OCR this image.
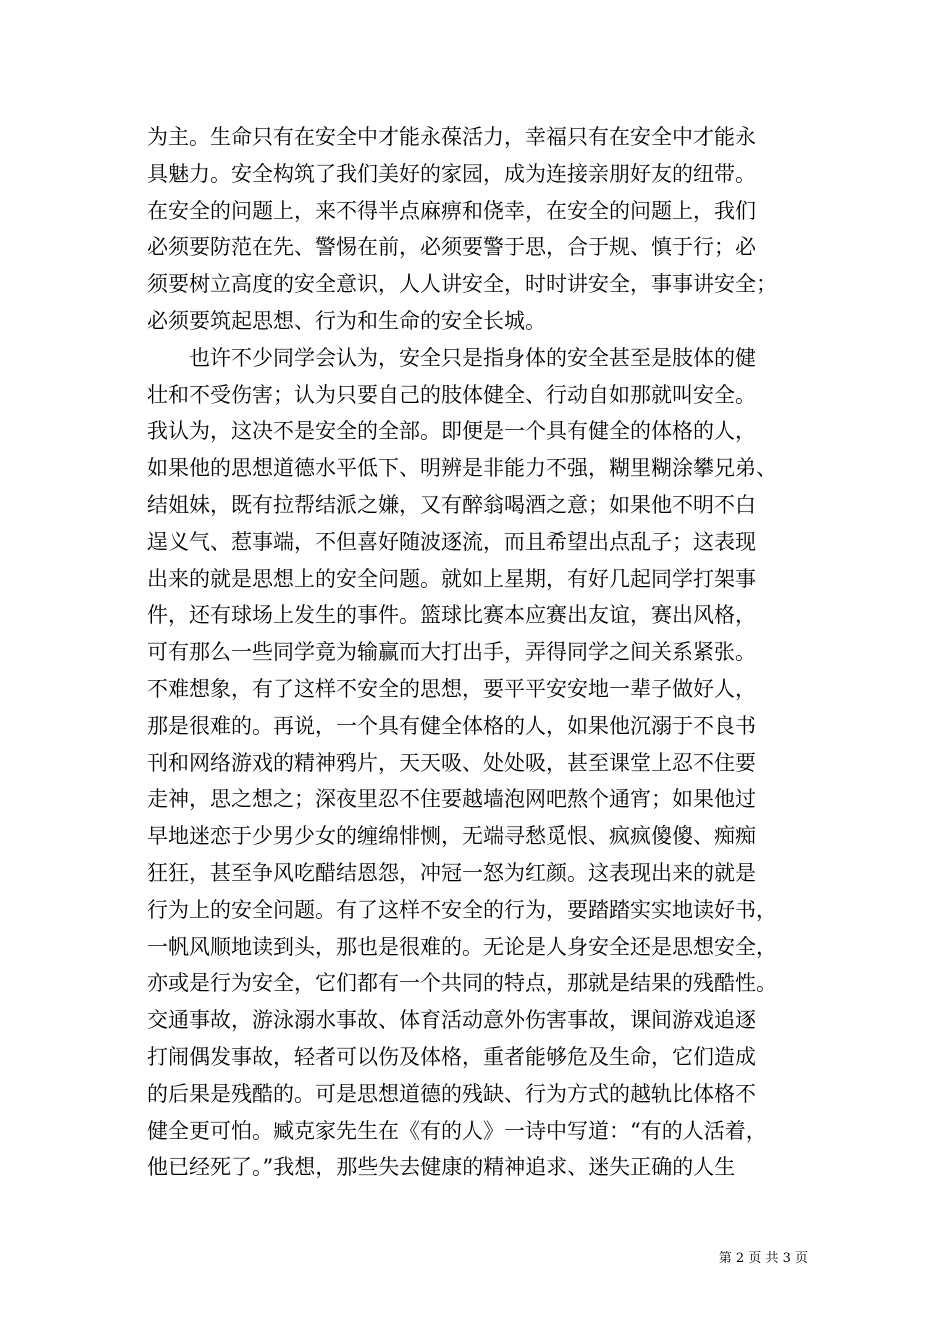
为主。生命只有在安全中才能永葆活力，幸福只有在安全中才能永
具魅力。安全构筑了我们美好的家园，成为连接亲朋好友的纽带。
在安全的问题上，来不得半点麻痹和侥幸，在安全的问题上，我们
必须要防范在先、警惕在前，必须要警于思，合于规、慎于行；必
须要树立高度的安全意识，人人讲安全，时时讲安全，事事讲安全；
必须要筑起思想、行为和生命的安全长城。
也许不少同学会认为，安全只是指身体的安全甚至是肢体的健
壮和不受伤害；认为只要自己的肢体健全、行动自如那就叫安全。
我认为，这决不是安全的全部。即便是一个具有健全的体格的人，
如果他的思想道德水平低下、明辨是非能力不强，糊里糊涂攀兄弟、
结姐妹，既有拉帮结派之嫌，又有醉翁喝酒之意；如果他不明不白
逞义气、惹事端，不但喜好随波逐流，而且希望出点乱子；这表现
出来的就是思想上的安全问题。就如上星期，有好几起同学打架事
件，还有球场上发生的事件。篮球比赛本应赛出友谊，赛出风格，
可有那么一些同学竟为输赢而大打出手，弄得同学之间关系紧张。
不难想象，有了这样不安全的思想，要平平安安地一辈子做好人，
那是很难的。再说，一个具有健全体格的人，如果他沉溺于不良书
刊和网络游戏的精神鸦片，天天吸、处处吸，甚至课堂上忍不住要
走神，思之想之；深夜里忍不住要越墙泡网吧熬个通宵；如果他过
早地迷恋于少男少女的缠绵悱恻，无端寻愁觅恨、疯疯傻傻、痴痴
狂狂，甚至争风吃醋结恩怨，冲冠一怒为红颜。这表现出来的就是
行为上的安全问题。有了这样不安全的行为，要踏踏实实地读好书，
一帆风顺地读到头，那也是很难的。无论是人身安全还是思想安全，
亦或是行为安全，它们都有一个共同的特点，那就是结果的残酷性。
交通事故，游泳溺水事故、体育活动意外伤害事故，课间游戏追逐
打闹偶发事故，轻者可以伤及体格，重者能够危及生命，它们造成
的后果是残酷的。可是思想道德的残缺、行为方式的越轨比体格不
健全更可怕。臧克家先生在《有的人》一诗中写道：“有的人活着，
他已经死了。”我想，那些失去健康的精神追求、迷失正确的人生
第 2 页 共 3 页
